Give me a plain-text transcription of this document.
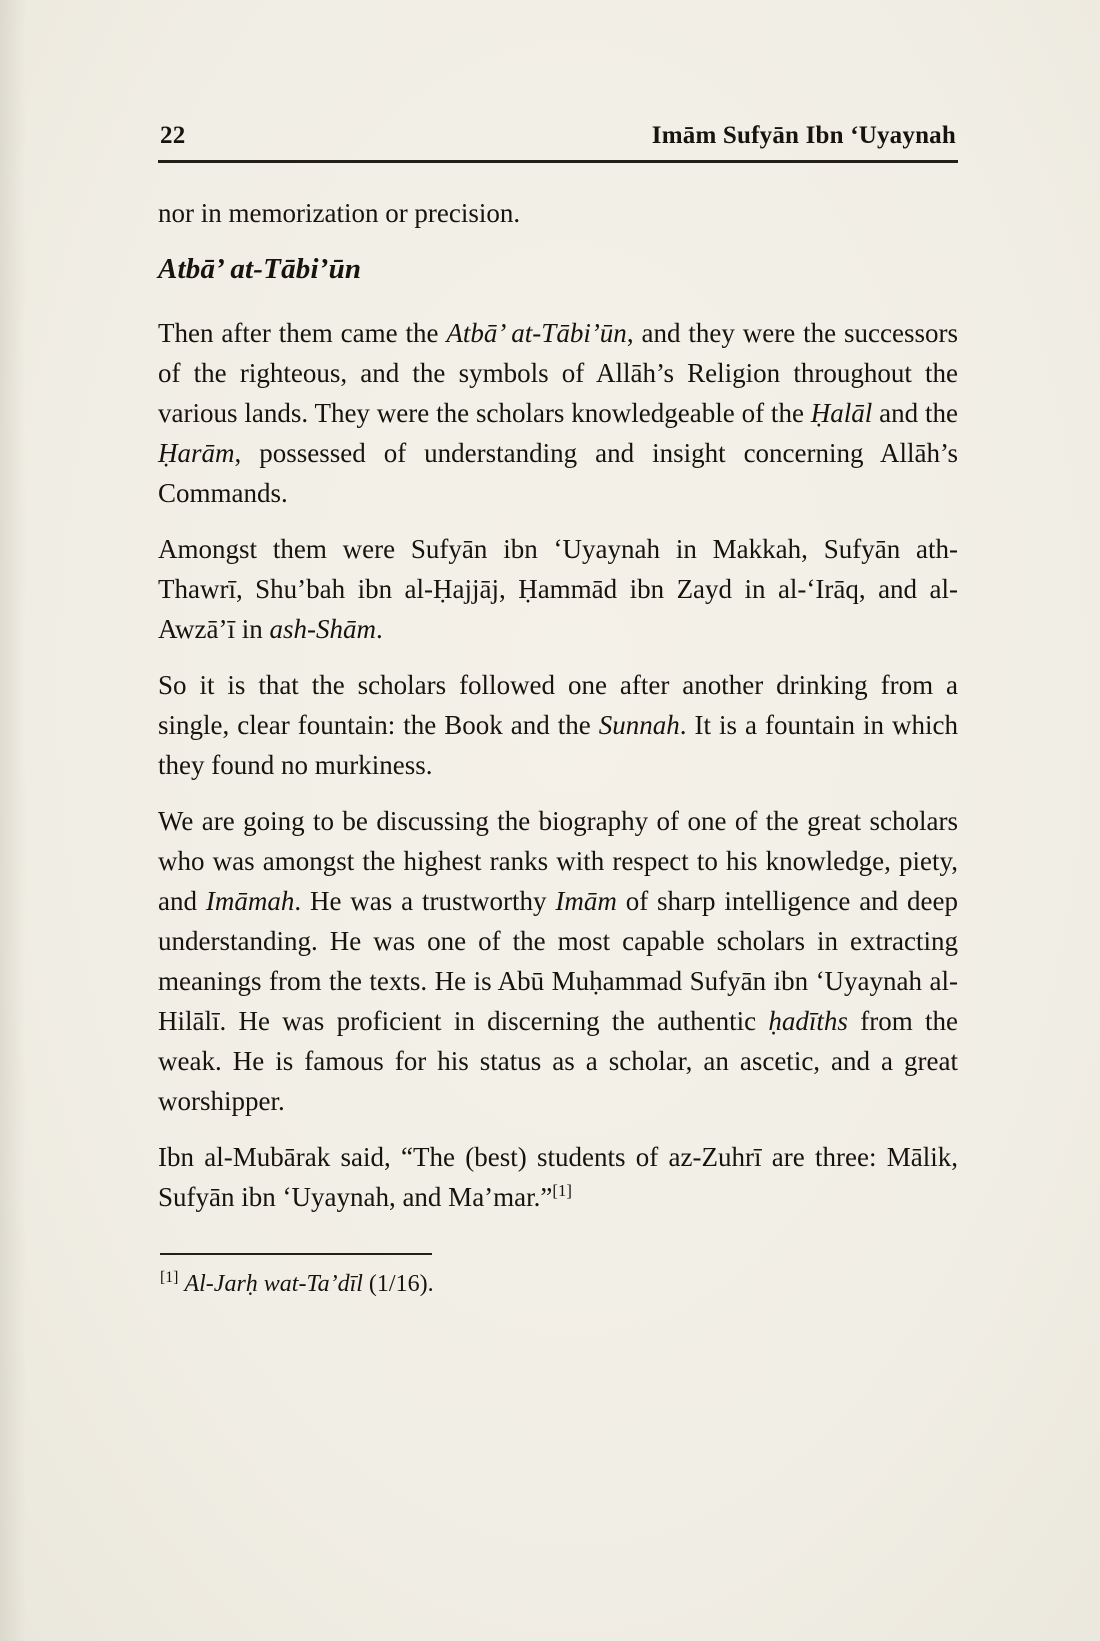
22	Imām Sufyān Ibn ‘Uyaynah

nor in memorization or precision.

Atbā’ at-Tābi’ūn

Then after them came the Atbā’ at-Tābi’ūn, and they were the successors of the righteous, and the symbols of Allāh’s Religion throughout the various lands. They were the scholars knowledgeable of the Ḥalāl and the Ḥarām, possessed of understanding and insight concerning Allāh’s Commands.

Amongst them were Sufyān ibn ‘Uyaynah in Makkah, Sufyān ath-Thawrī, Shu’bah ibn al-Ḥajjāj, Ḥammād ibn Zayd in al-‘Irāq, and al-Awzā’ī in ash-Shām.

So it is that the scholars followed one after another drinking from a single, clear fountain: the Book and the Sunnah. It is a fountain in which they found no murkiness.

We are going to be discussing the biography of one of the great scholars who was amongst the highest ranks with respect to his knowledge, piety, and Imāmah. He was a trustworthy Imām of sharp intelligence and deep understanding. He was one of the most capable scholars in extracting meanings from the texts. He is Abū Muḥammad Sufyān ibn ‘Uyaynah al-Hilālī. He was proficient in discerning the authentic ḥadīths from the weak. He is famous for his status as a scholar, an ascetic, and a great worshipper.

Ibn al-Mubārak said, “The (best) students of az-Zuhrī are three: Mālik, Sufyān ibn ‘Uyaynah, and Ma’mar.”[1]

[1] Al-Jarḥ wat-Ta’dīl (1/16).
